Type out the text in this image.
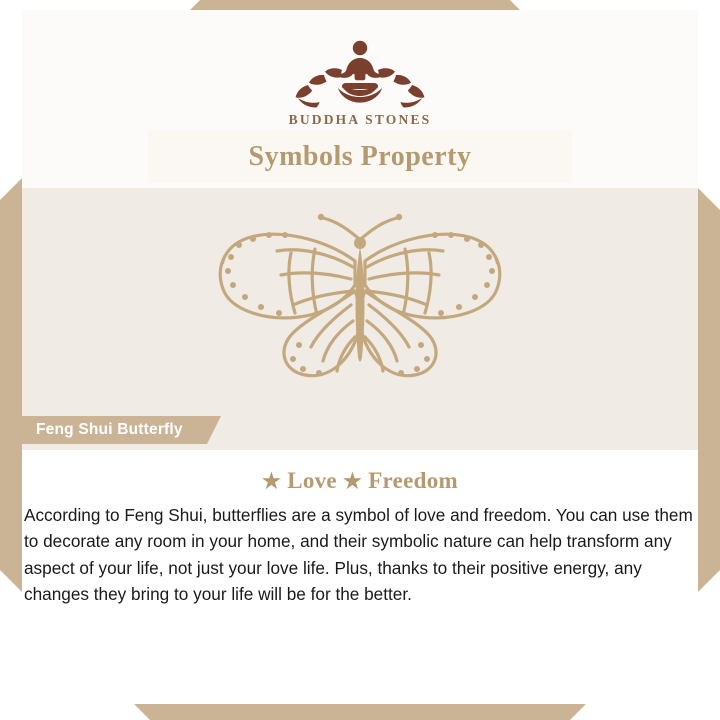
BUDDHA STONES
Symbols Property
Feng Shui Butterfly
★ Love ★ Freedom
According to Feng Shui, butterflies are a symbol of love and freedom. You can use them to decorate any room in your home, and their symbolic nature can help transform any aspect of your life, not just your love life. Plus, thanks to their positive energy, any changes they bring to your life will be for the better.
